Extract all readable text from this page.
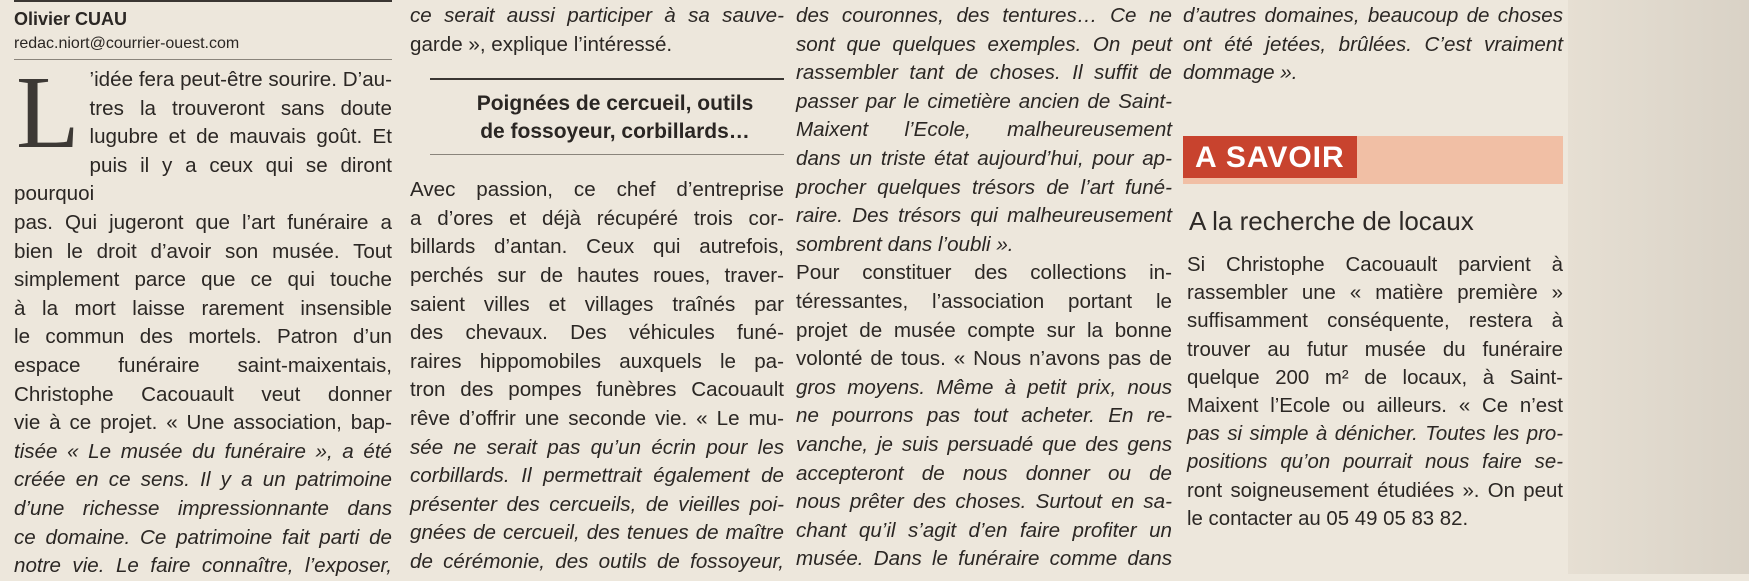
Olivier CUAU
redac.niort@courrier-ouest.com
L ’idée fera peut-être sourire. D’au-
tres la trouveront sans doute
lugubre et de mauvais goût. Et
puis il y a ceux qui se diront pourquoi
pas. Qui jugeront que l’art funéraire a
bien le droit d’avoir son musée. Tout
simplement parce que ce qui touche
à la mort laisse rarement insensible
le commun des mortels. Patron d’un
espace funéraire saint-maixentais,
Christophe Cacouault veut donner
vie à ce projet. « Une association, bap-
tisée « Le musée du funéraire », a été
créée en ce sens. Il y a un patrimoine
d’une richesse impressionnante dans
ce domaine. Ce patrimoine fait parti de
notre vie. Le faire connaître, l’exposer,
ce serait aussi participer à sa sauve-
garde », explique l’intéressé.

Poignées de cercueil, outils

de fossoyeur, corbillards…

Avec passion, ce chef d’entreprise
a d’ores et déjà récupéré trois cor-
billards d’antan. Ceux qui autrefois,
perchés sur de hautes roues, traver-
saient villes et villages traînés par
des chevaux. Des véhicules funé-
raires hippomobiles auxquels le pa-
tron des pompes funèbres Cacouault
rêve d’offrir une seconde vie. « Le mu-
sée ne serait pas qu’un écrin pour les
corbillards. Il permettrait également de
présenter des cercueils, de vieilles poi-
gnées de cercueil, des tenues de maître
de cérémonie, des outils de fossoyeur,
des couronnes, des tentures… Ce ne
sont que quelques exemples. On peut
rassembler tant de choses. Il suffit de
passer par le cimetière ancien de Saint-
Maixent l’Ecole, malheureusement
dans un triste état aujourd’hui, pour ap-
procher quelques trésors de l’art funé-
raire. Des trésors qui malheureusement
sombrent dans l’oubli ».
Pour constituer des collections in-
téressantes, l’association portant le
projet de musée compte sur la bonne
volonté de tous. « Nous n’avons pas de
gros moyens. Même à petit prix, nous
ne pourrons pas tout acheter. En re-
vanche, je suis persuadé que des gens
accepteront de nous donner ou de
nous prêter des choses. Surtout en sa-
chant qu’il s’agit d’en faire profiter un
musée. Dans le funéraire comme dans
d’autres domaines, beaucoup de choses
ont été jetées, brûlées. C’est vraiment
dommage ».
A SAVOIR
A la recherche de locaux
Si Christophe Cacouault parvient à
rassembler une « matière première »
suffisamment conséquente, restera à
trouver au futur musée du funéraire
quelque 200 m² de locaux, à Saint-
Maixent l’Ecole ou ailleurs. « Ce n’est
pas si simple à dénicher. Toutes les pro-
positions qu’on pourrait nous faire se-
ront soigneusement étudiées ». On peut
le contacter au 05 49 05 83 82.
